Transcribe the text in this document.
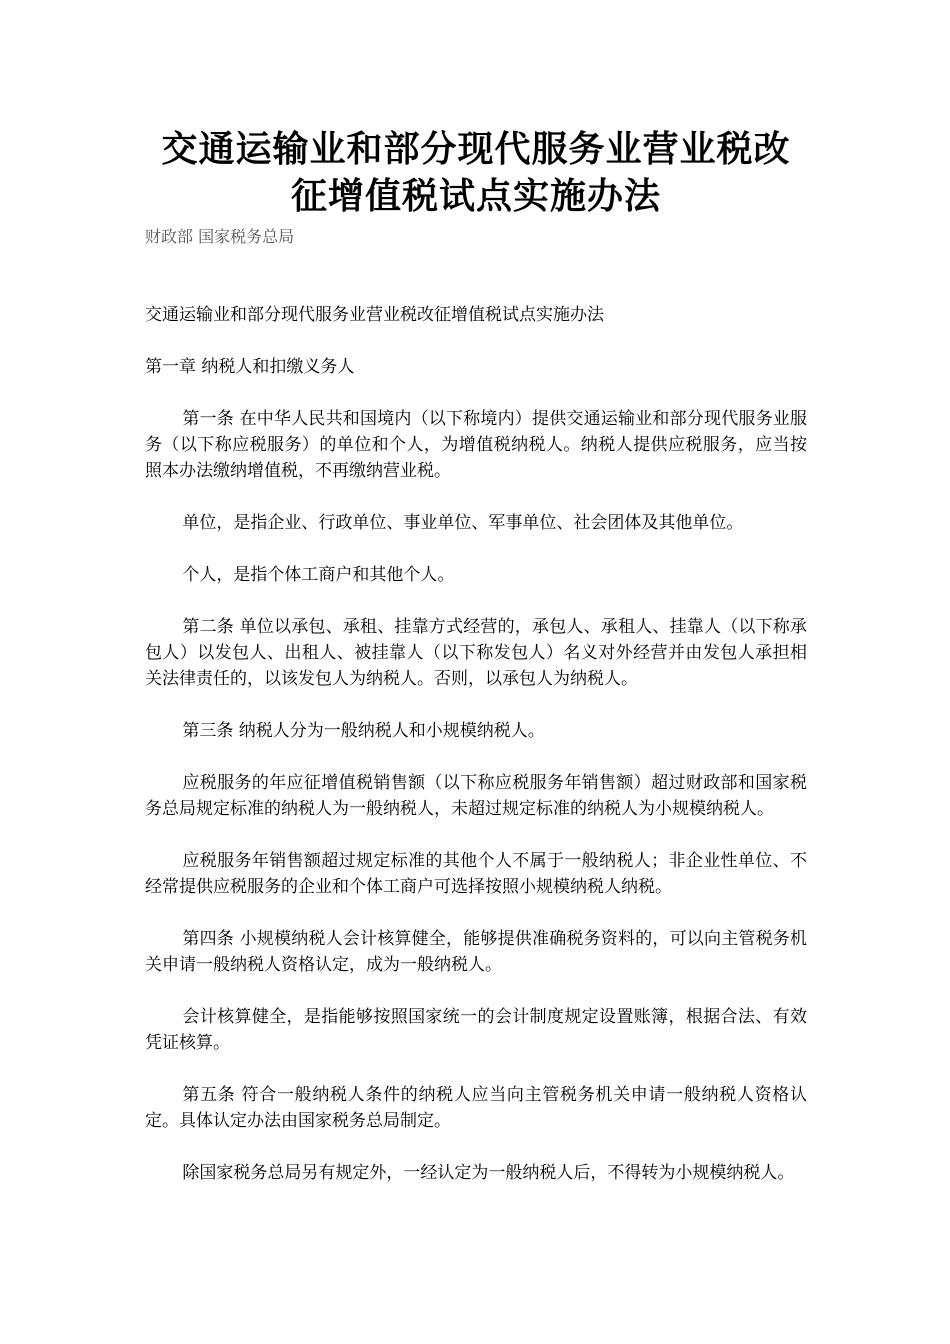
交通运输业和部分现代服务业营业税改
征增值税试点实施办法

财政部 国家税务总局

交通运输业和部分现代服务业营业税改征增值税试点实施办法

第一章 纳税人和扣缴义务人

第一条 在中华人民共和国境内（以下称境内）提供交通运输业和部分现代服务业服务（以下称应税服务）的单位和个人，为增值税纳税人。纳税人提供应税服务，应当按照本办法缴纳增值税，不再缴纳营业税。

单位，是指企业、行政单位、事业单位、军事单位、社会团体及其他单位。

个人，是指个体工商户和其他个人。

第二条 单位以承包、承租、挂靠方式经营的，承包人、承租人、挂靠人（以下称承包人）以发包人、出租人、被挂靠人（以下称发包人）名义对外经营并由发包人承担相关法律责任的，以该发包人为纳税人。否则，以承包人为纳税人。

第三条 纳税人分为一般纳税人和小规模纳税人。

应税服务的年应征增值税销售额（以下称应税服务年销售额）超过财政部和国家税务总局规定标准的纳税人为一般纳税人，未超过规定标准的纳税人为小规模纳税人。

应税服务年销售额超过规定标准的其他个人不属于一般纳税人；非企业性单位、不经常提供应税服务的企业和个体工商户可选择按照小规模纳税人纳税。

第四条 小规模纳税人会计核算健全，能够提供准确税务资料的，可以向主管税务机关申请一般纳税人资格认定，成为一般纳税人。

会计核算健全，是指能够按照国家统一的会计制度规定设置账簿，根据合法、有效凭证核算。

第五条 符合一般纳税人条件的纳税人应当向主管税务机关申请一般纳税人资格认定。具体认定办法由国家税务总局制定。

除国家税务总局另有规定外，一经认定为一般纳税人后，不得转为小规模纳税人。
